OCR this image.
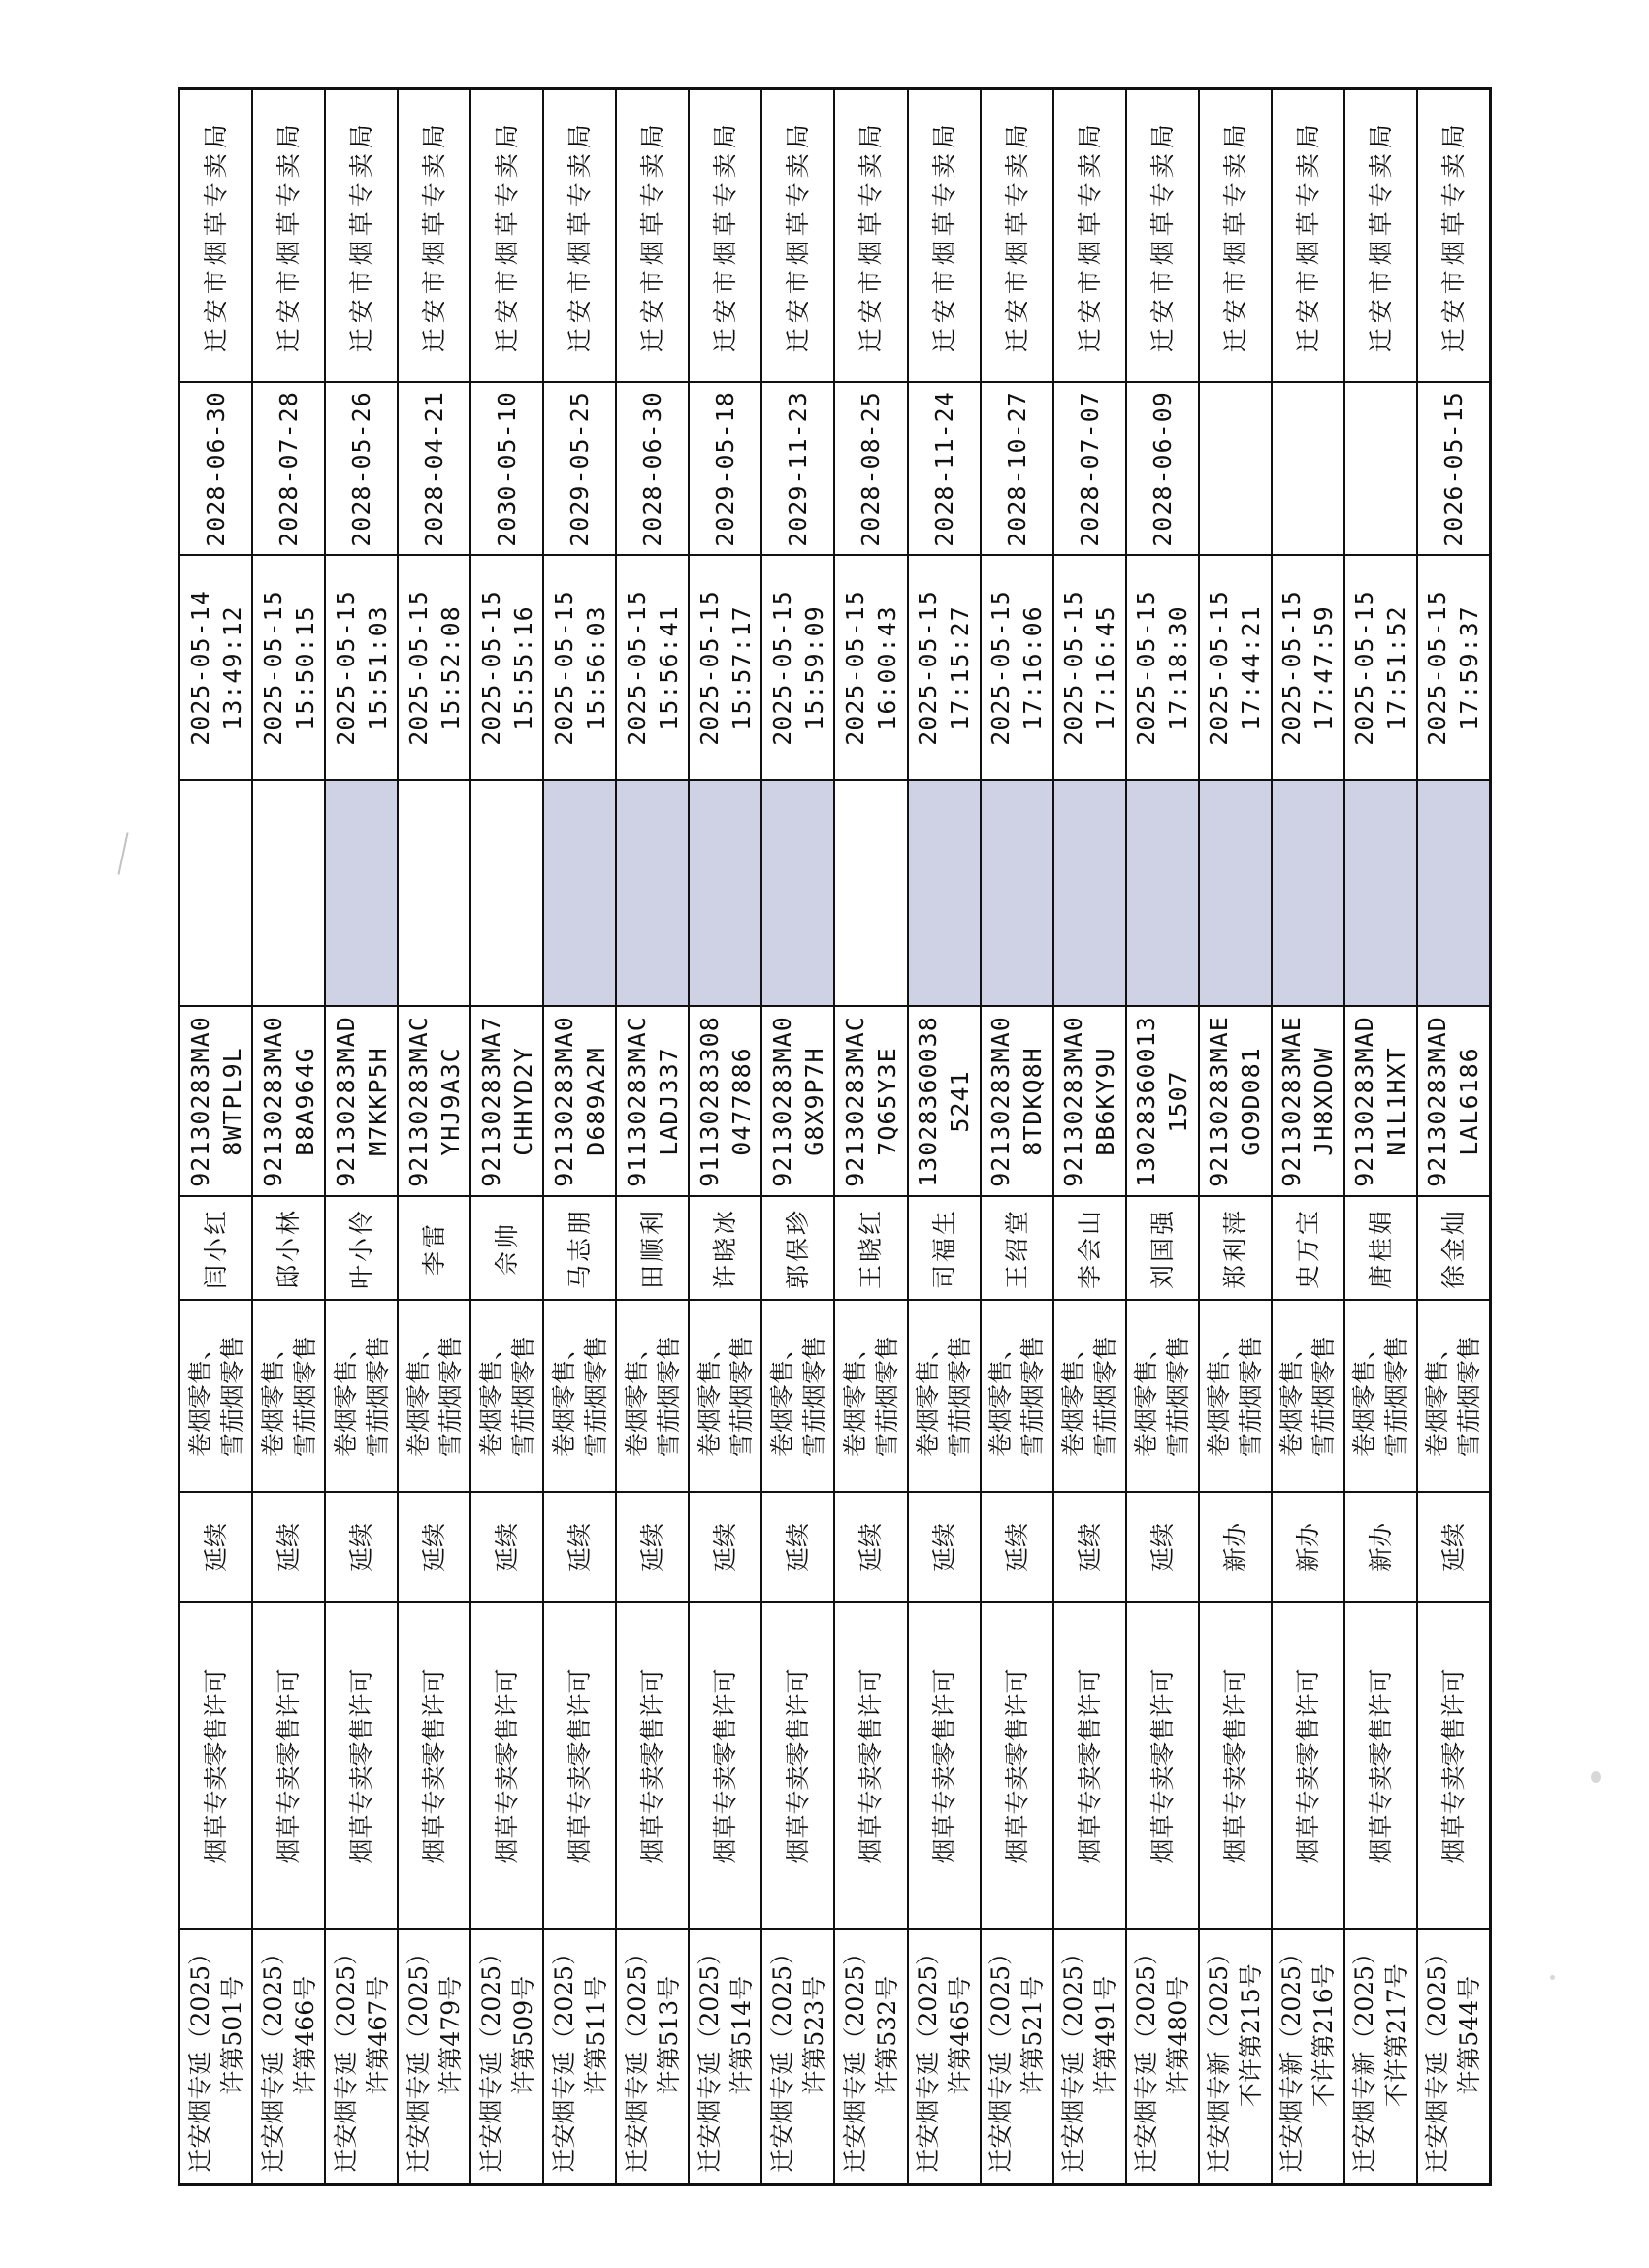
迁安烟专延（2025） 许第501号	烟草专卖零售许可	延续	卷烟零售、 雪茄烟零售	闫小红	92130283MA0 8WTPL9L		2025-05-14 13:49:12	2028-06-30	迁安市烟草专卖局

迁安烟专延（2025） 许第466号	烟草专卖零售许可	延续	卷烟零售、 雪茄烟零售	邸小林	92130283MA0 B8A964G		2025-05-15 15:50:15	2028-07-28	迁安市烟草专卖局

迁安烟专延（2025） 许第467号	烟草专卖零售许可	延续	卷烟零售、 雪茄烟零售	叶小伶	92130283MAD M7KKP5H		2025-05-15 15:51:03	2028-05-26	迁安市烟草专卖局

迁安烟专延（2025） 许第479号	烟草专卖零售许可	延续	卷烟零售、 雪茄烟零售	李雷	92130283MAC YHJ9A3C		2025-05-15 15:52:08	2028-04-21	迁安市烟草专卖局

迁安烟专延（2025） 许第509号	烟草专卖零售许可	延续	卷烟零售、 雪茄烟零售	佘帅	92130283MA7 CHHYD2Y		2025-05-15 15:55:16	2030-05-10	迁安市烟草专卖局

迁安烟专延（2025） 许第511号	烟草专卖零售许可	延续	卷烟零售、 雪茄烟零售	马志朋	92130283MA0 D689A2M		2025-05-15 15:56:03	2029-05-25	迁安市烟草专卖局

迁安烟专延（2025） 许第513号	烟草专卖零售许可	延续	卷烟零售、 雪茄烟零售	田顺利	91130283MAC LADJ337		2025-05-15 15:56:41	2028-06-30	迁安市烟草专卖局

迁安烟专延（2025） 许第514号	烟草专卖零售许可	延续	卷烟零售、 雪茄烟零售	许晓冰	91130283308 0477886		2025-05-15 15:57:17	2029-05-18	迁安市烟草专卖局

迁安烟专延（2025） 许第523号	烟草专卖零售许可	延续	卷烟零售、 雪茄烟零售	郭保珍	92130283MA0 G8X9P7H		2025-05-15 15:59:09	2029-11-23	迁安市烟草专卖局

迁安烟专延（2025） 许第532号	烟草专卖零售许可	延续	卷烟零售、 雪茄烟零售	王晓红	92130283MAC 7Q65Y3E		2025-05-15 16:00:43	2028-08-25	迁安市烟草专卖局

迁安烟专延（2025） 许第465号	烟草专卖零售许可	延续	卷烟零售、 雪茄烟零售	司福生	13028360038 5241		2025-05-15 17:15:27	2028-11-24	迁安市烟草专卖局

迁安烟专延（2025） 许第521号	烟草专卖零售许可	延续	卷烟零售、 雪茄烟零售	王绍堂	92130283MA0 8TDKQ8H		2025-05-15 17:16:06	2028-10-27	迁安市烟草专卖局

迁安烟专延（2025） 许第491号	烟草专卖零售许可	延续	卷烟零售、 雪茄烟零售	李会山	92130283MA0 BB6KY9U		2025-05-15 17:16:45	2028-07-07	迁安市烟草专卖局

迁安烟专延（2025） 许第480号	烟草专卖零售许可	延续	卷烟零售、 雪茄烟零售	刘国强	13028360013 1507		2025-05-15 17:18:30	2028-06-09	迁安市烟草专卖局

迁安烟专新（2025） 不许第215号	烟草专卖零售许可	新办	卷烟零售、 雪茄烟零售	郑利萍	92130283MAE GO9D081		2025-05-15 17:44:21		迁安市烟草专卖局

迁安烟专新（2025） 不许第216号	烟草专卖零售许可	新办	卷烟零售、 雪茄烟零售	史万宝	92130283MAE JH8XDOW		2025-05-15 17:47:59		迁安市烟草专卖局

迁安烟专新（2025） 不许第217号	烟草专卖零售许可	新办	卷烟零售、 雪茄烟零售	唐桂娟	92130283MAD N1L1HXT		2025-05-15 17:51:52		迁安市烟草专卖局

迁安烟专延（2025） 许第544号	烟草专卖零售许可	延续	卷烟零售、 雪茄烟零售	徐金灿	92130283MAD LAL6186		2025-05-15 17:59:37	2026-05-15	迁安市烟草专卖局
